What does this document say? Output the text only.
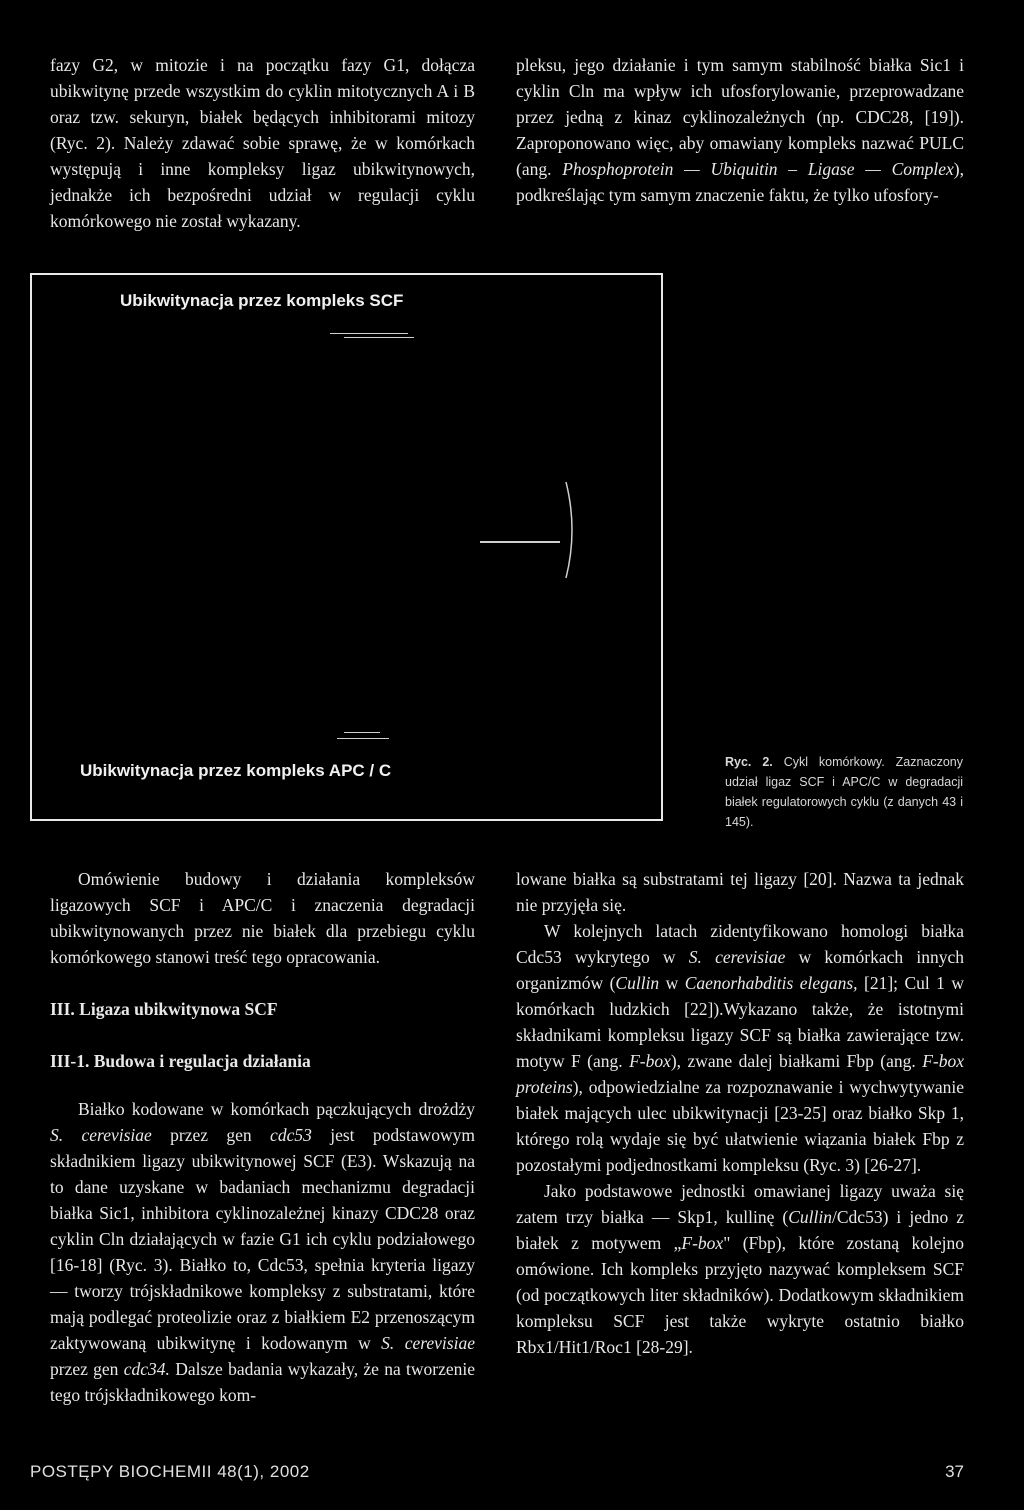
fazy G2, w mitozie i na początku fazy G1, dołącza ubikwitynę przede wszystkim do cyklin mitotycznych A i B oraz tzw. sekuryn, białek będących inhibitorami mitozy (Ryc. 2). Należy zdawać sobie sprawę, że w komórkach występują i inne kompleksy ligaz ubikwitynowych, jednakże ich bezpośredni udział w regulacji cyklu komórkowego nie został wykazany.

pleksu, jego działanie i tym samym stabilność białka Sic1 i cyklin Cln ma wpływ ich ufosforylowanie, przeprowadzane przez jedną z kinaz cyklinozależnych (np. CDC28, [19]). Zaproponowano więc, aby omawiany kompleks nazwać PULC (ang. Phosphoprotein — Ubiquitin – Ligase — Complex), podkreślając tym samym znaczenie faktu, że tylko ufosfory-

Ubikwitynacja przez kompleks SCF
Ubikwitynacja przez kompleks APC / C	Ryc. 2. Cykl komórkowy. Zaznaczony udział ligaz SCF i APC/C w degradacji białek regulatorowych cyklu (z danych 43 i 145).

Omówienie budowy i działania kompleksów ligazowych SCF i APC/C i znaczenia degradacji ubikwitynowanych przez nie białek dla przebiegu cyklu komórkowego stanowi treść tego opracowania.

III. Ligaza ubikwitynowa SCF

III-1. Budowa i regulacja działania

Białko kodowane w komórkach pączkujących drożdży S. cerevisiae przez gen cdc53 jest podstawowym składnikiem ligazy ubikwitynowej SCF (E3). Wskazują na to dane uzyskane w badaniach mechanizmu degradacji białka Sic1, inhibitora cyklinozależnej kinazy CDC28 oraz cyklin Cln działających w fazie G1 ich cyklu podziałowego [16-18] (Ryc. 3). Białko to, Cdc53, spełnia kryteria ligazy — tworzy trójskładnikowe kompleksy z substratami, które mają podlegać proteolizie oraz z białkiem E2 przenoszącym zaktywowaną ubikwitynę i kodowanym w S. cerevisiae przez gen cdc34. Dalsze badania wykazały, że na tworzenie tego trójskładnikowego kom-

lowane białka są substratami tej ligazy [20]. Nazwa ta jednak nie przyjęła się.

W kolejnych latach zidentyfikowano homologi białka Cdc53 wykrytego w S. cerevisiae w komórkach innych organizmów (Cullin w Caenorhabditis elegans, [21]; Cul 1 w komórkach ludzkich [22]).Wykazano także, że istotnymi składnikami kompleksu ligazy SCF są białka zawierające tzw. motyw F (ang. F-box), zwane dalej białkami Fbp (ang. F-box proteins), odpowiedzialne za rozpoznawanie i wychwytywanie białek mających ulec ubikwitynacji [23-25] oraz białko Skp 1, którego rolą wydaje się być ułatwienie wiązania białek Fbp z pozostałymi podjednostkami kompleksu (Ryc. 3) [26-27].

Jako podstawowe jednostki omawianej ligazy uważa się zatem trzy białka — Skp1, kullinę (Cullin/Cdc53) i jedno z białek z motywem „F-box" (Fbp), które zostaną kolejno omówione. Ich kompleks przyjęto nazywać kompleksem SCF (od początkowych liter składników). Dodatkowym składnikiem kompleksu SCF jest także wykryte ostatnio białko Rbx1/Hit1/Roc1 [28-29].

POSTĘPY BIOCHEMII 48(1), 2002	37
